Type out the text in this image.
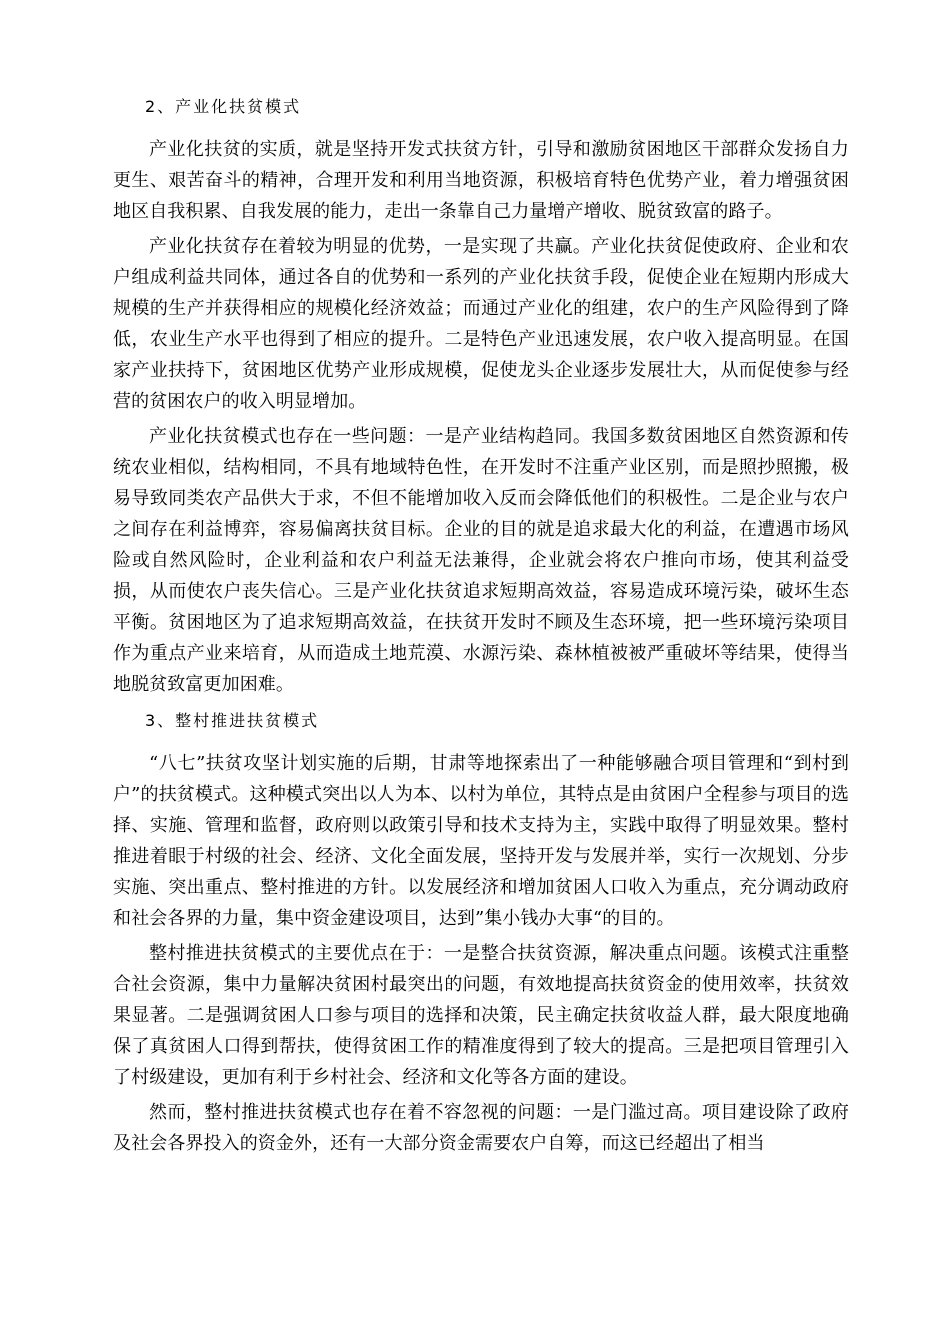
2、产业化扶贫模式

产业化扶贫的实质，就是坚持开发式扶贫方针，引导和激励贫困地区干部群众发扬自力更生、艰苦奋斗的精神，合理开发和利用当地资源，积极培育特色优势产业，着力增强贫困地区自我积累、自我发展的能力，走出一条靠自己力量增产增收、脱贫致富的路子。

产业化扶贫存在着较为明显的优势，一是实现了共赢。产业化扶贫促使政府、企业和农户组成利益共同体，通过各自的优势和一系列的产业化扶贫手段，促使企业在短期内形成大规模的生产并获得相应的规模化经济效益；而通过产业化的组建，农户的生产风险得到了降低，农业生产水平也得到了相应的提升。二是特色产业迅速发展，农户收入提高明显。在国家产业扶持下，贫困地区优势产业形成规模，促使龙头企业逐步发展壮大，从而促使参与经营的贫困农户的收入明显增加。

产业化扶贫模式也存在一些问题：一是产业结构趋同。我国多数贫困地区自然资源和传统农业相似，结构相同，不具有地域特色性，在开发时不注重产业区别，而是照抄照搬，极易导致同类农产品供大于求，不但不能增加收入反而会降低他们的积极性。二是企业与农户之间存在利益博弈，容易偏离扶贫目标。企业的目的就是追求最大化的利益，在遭遇市场风险或自然风险时，企业利益和农户利益无法兼得，企业就会将农户推向市场，使其利益受损，从而使农户丧失信心。三是产业化扶贫追求短期高效益，容易造成环境污染，破坏生态平衡。贫困地区为了追求短期高效益，在扶贫开发时不顾及生态环境，把一些环境污染项目作为重点产业来培育，从而造成土地荒漠、水源污染、森林植被被严重破坏等结果，使得当地脱贫致富更加困难。

3、整村推进扶贫模式

“八七”扶贫攻坚计划实施的后期，甘肃等地探索出了一种能够融合项目管理和“到村到户”的扶贫模式。这种模式突出以人为本、以村为单位，其特点是由贫困户全程参与项目的选择、实施、管理和监督，政府则以政策引导和技术支持为主，实践中取得了明显效果。整村推进着眼于村级的社会、经济、文化全面发展，坚持开发与发展并举，实行一次规划、分步实施、突出重点、整村推进的方针。以发展经济和增加贫困人口收入为重点，充分调动政府和社会各界的力量，集中资金建设项目，达到”集小钱办大事“的目的。

整村推进扶贫模式的主要优点在于：一是整合扶贫资源，解决重点问题。该模式注重整合社会资源，集中力量解决贫困村最突出的问题，有效地提高扶贫资金的使用效率，扶贫效果显著。二是强调贫困人口参与项目的选择和决策，民主确定扶贫收益人群，最大限度地确保了真贫困人口得到帮扶，使得贫困工作的精准度得到了较大的提高。三是把项目管理引入了村级建设，更加有利于乡村社会、经济和文化等各方面的建设。

然而，整村推进扶贫模式也存在着不容忽视的问题：一是门滥过高。项目建设除了政府及社会各界投入的资金外，还有一大部分资金需要农户自筹，而这已经超出了相当
